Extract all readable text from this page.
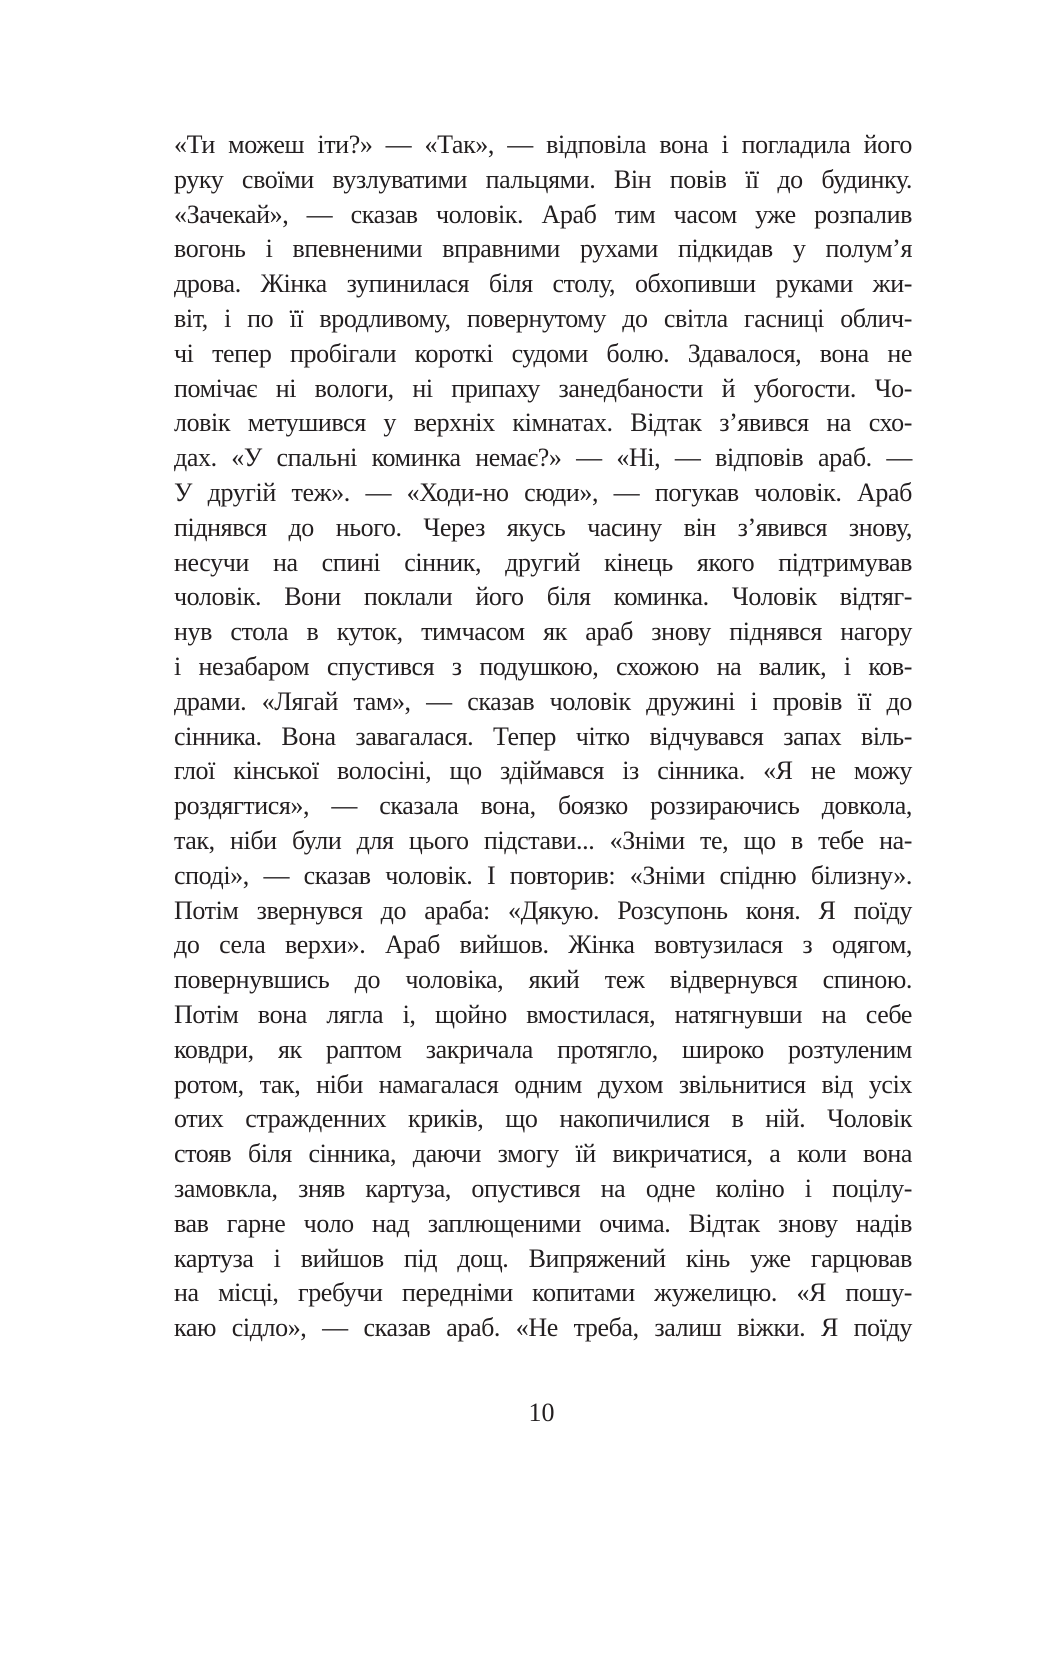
«Ти можеш іти?» — «Так», — відповіла вона і погладила його
руку своїми вузлуватими пальцями. Він повів її до будинку.
«Зачекай», — сказав чоловік. Араб тим часом уже розпалив
вогонь і впевненими вправними рухами підкидав у полум’я
дрова. Жінка зупинилася біля столу, обхопивши руками жи-
віт, і по її вродливому, повернутому до світла гасниці облич-
чі тепер пробігали короткі судоми болю. Здавалося, вона не
помічає ні вологи, ні припаху занедбаности й убогости. Чо-
ловік метушився у верхніх кімнатах. Відтак з’явився на схо-
дах. «У спальні коминка немає?» — «Ні, — відповів араб. —
У другій теж». — «Ходи-но сюди», — погукав чоловік. Араб
піднявся до нього. Через якусь часину він з’явився знову,
несучи на спині сінник, другий кінець якого підтримував
чоловік. Вони поклали його біля коминка. Чоловік відтяг-
нув стола в куток, тимчасом як араб знову піднявся нагору
і незабаром спустився з подушкою, схожою на валик, і ков-
драми. «Лягай там», — сказав чоловік дружині і провів її до
сінника. Вона завагалася. Тепер чітко відчувався запах віль-
глої кінської волосіні, що здіймався із сінника. «Я не можу
роздягтися», — сказала вона, боязко роззираючись довкола,
так, ніби були для цього підстави... «Зніми те, що в тебе на-
споді», — сказав чоловік. І повторив: «Зніми спідню білизну».
Потім звернувся до араба: «Дякую. Розсупонь коня. Я поїду
до села верхи». Араб вийшов. Жінка вовтузилася з одягом,
повернувшись до чоловіка, який теж відвернувся спиною.
Потім вона лягла і, щойно вмостилася, натягнувши на себе
ковдри, як раптом закричала протягло, широко розтуленим
ротом, так, ніби намагалася одним духом звільнитися від усіх
отих стражденних криків, що накопичилися в ній. Чоловік
стояв біля сінника, даючи змогу їй викричатися, а коли вона
замовкла, зняв картуза, опустився на одне коліно і поцілу-
вав гарне чоло над заплющеними очима. Відтак знову надів
картуза і вийшов під дощ. Випряжений кінь уже гарцював
на місці, гребучи передніми копитами жужелицю. «Я пошу-
каю сідло», — сказав араб. «Не треба, залиш віжки. Я поїду
10
